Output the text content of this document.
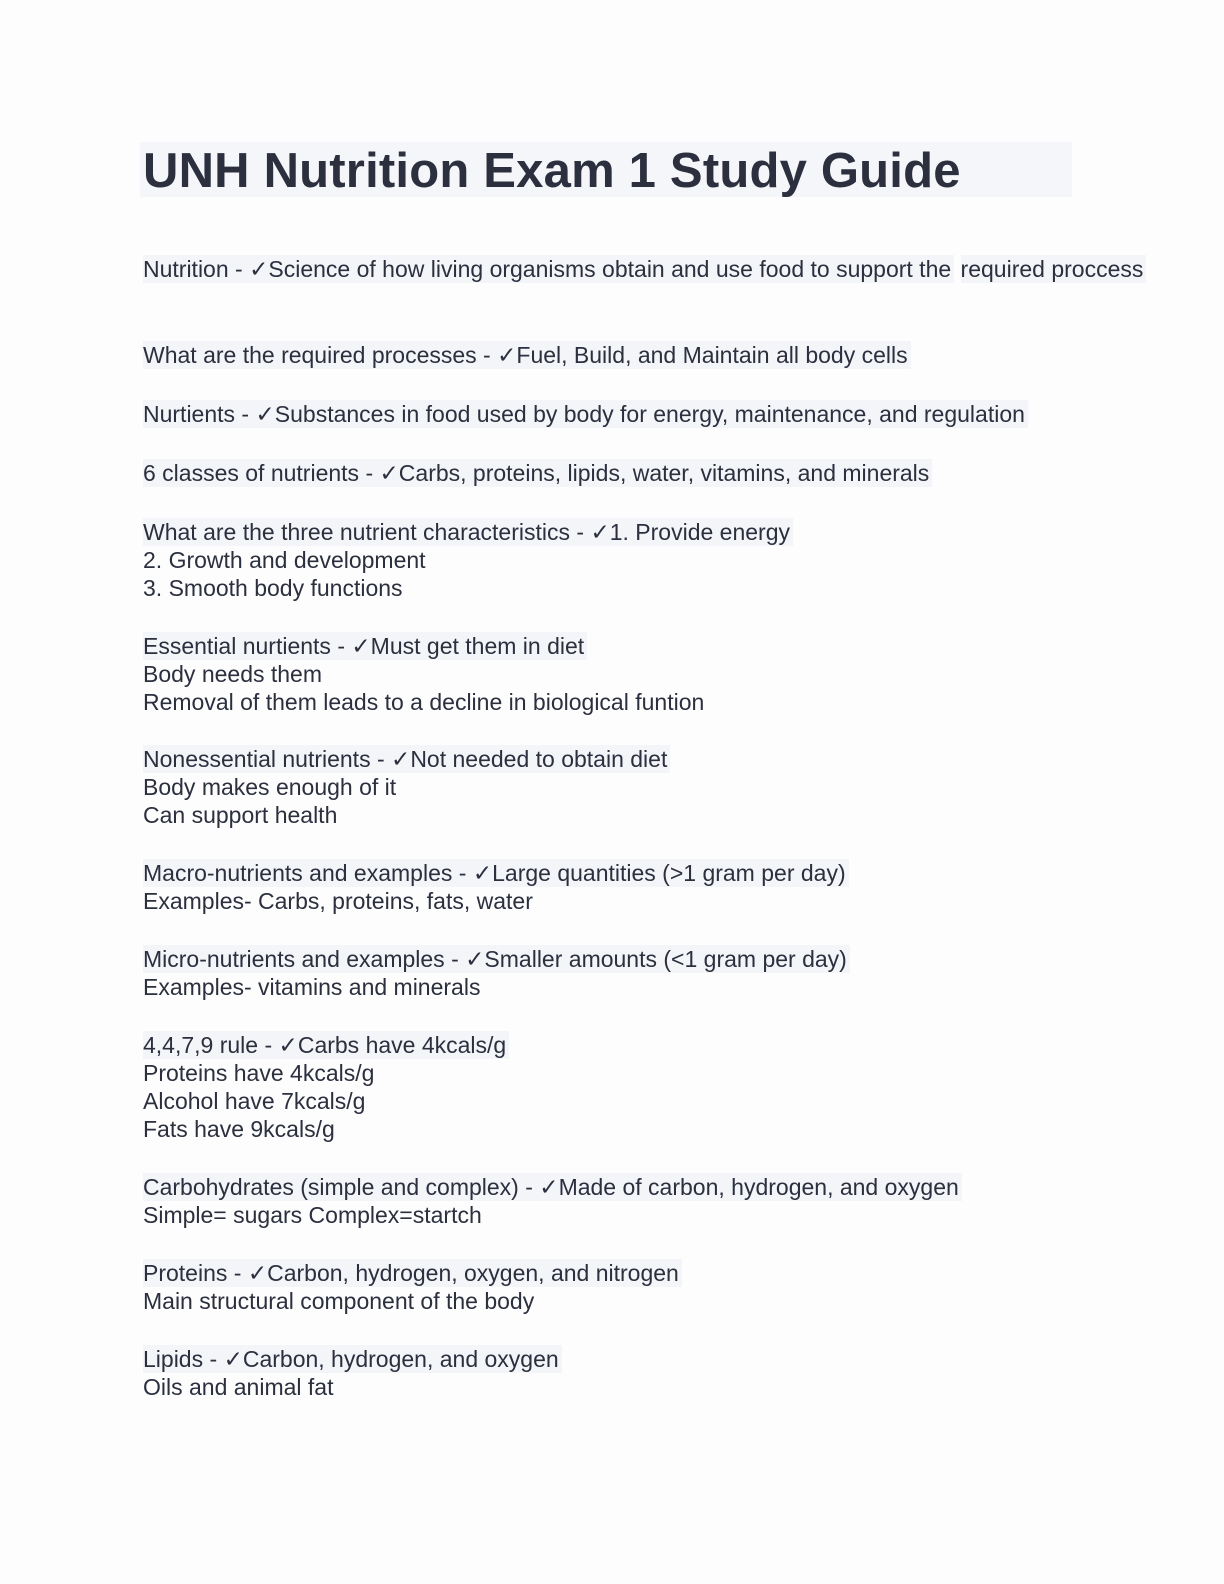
UNH Nutrition Exam 1 Study Guide
Nutrition - ✓Science of how living organisms obtain and use food to support the required proccess
What are the required processes - ✓Fuel, Build, and Maintain all body cells
Nurtients - ✓Substances in food used by body for energy, maintenance, and regulation
6 classes of nutrients - ✓Carbs, proteins, lipids, water, vitamins, and minerals
What are the three nutrient characteristics - ✓1. Provide energy
2. Growth and development
3. Smooth body functions
Essential nurtients - ✓Must get them in diet
Body needs them
Removal of them leads to a decline in biological funtion
Nonessential nutrients - ✓Not needed to obtain diet
Body makes enough of it
Can support health
Macro-nutrients and examples - ✓Large quantities (>1 gram per day)
Examples- Carbs, proteins, fats, water
Micro-nutrients and examples - ✓Smaller amounts (<1 gram per day)
Examples- vitamins and minerals
4,4,7,9 rule - ✓Carbs have 4kcals/g
Proteins have 4kcals/g
Alcohol have 7kcals/g
Fats have 9kcals/g
Carbohydrates (simple and complex) - ✓Made of carbon, hydrogen, and oxygen
Simple= sugars Complex=startch
Proteins - ✓Carbon, hydrogen, oxygen, and nitrogen
Main structural component of the body
Lipids - ✓Carbon, hydrogen, and oxygen
Oils and animal fat
